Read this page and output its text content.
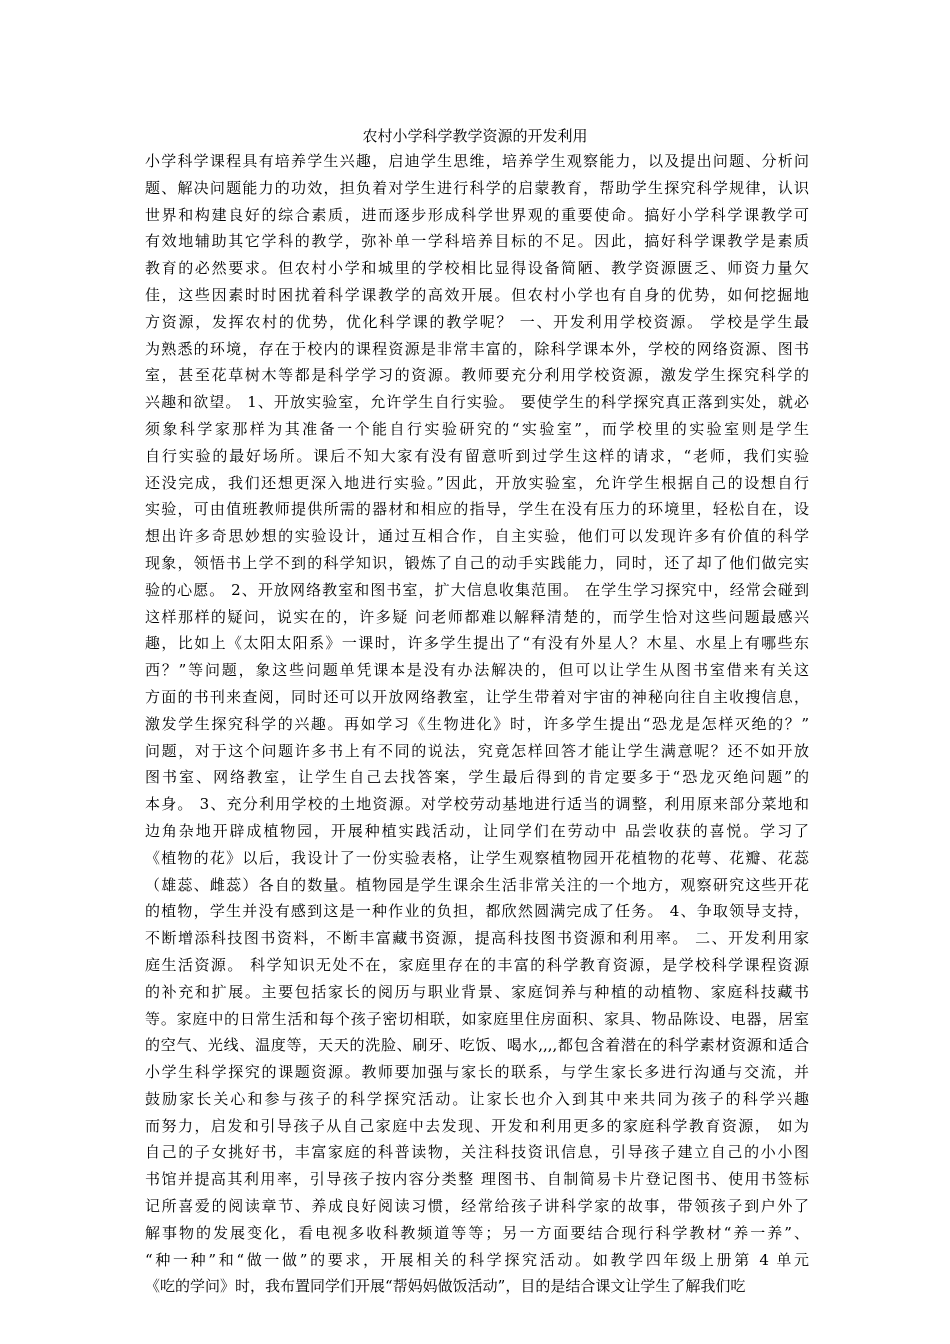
农村小学科学教学资源的开发利用
小学科学课程具有培养学生兴趣，启迪学生思维，培养学生观察能力，以及提出问题、分析问
题、解决问题能力的功效，担负着对学生进行科学的启蒙教育，帮助学生探究科学规律，认识
世界和构建良好的综合素质，进而逐步形成科学世界观的重要使命。搞好小学科学课教学可
有效地辅助其它学科的教学，弥补单一学科培养目标的不足。因此，搞好科学课教学是素质
教育的必然要求。但农村小学和城里的学校相比显得设备简陋、教学资源匮乏、师资力量欠
佳，这些因素时时困扰着科学课教学的高效开展。但农村小学也有自身的优势，如何挖掘地
方资源，发挥农村的优势，优化科学课的教学呢？ 一、开发利用学校资源。 学校是学生最
为熟悉的环境，存在于校内的课程资源是非常丰富的，除科学课本外，学校的网络资源、图书
室，甚至花草树木等都是科学学习的资源。教师要充分利用学校资源，激发学生探究科学的
兴趣和欲望。 1、开放实验室，允许学生自行实验。 要使学生的科学探究真正落到实处，就必
须象科学家那样为其准备一个能自行实验研究的“实验室”，而学校里的实验室则是学生
自行实验的最好场所。课后不知大家有没有留意听到过学生这样的请求，“老师，我们实验
还没完成，我们还想更深入地进行实验。”因此，开放实验室，允许学生根据自己的设想自行
实验，可由值班教师提供所需的器材和相应的指导，学生在没有压力的环境里，轻松自在，设
想出许多奇思妙想的实验设计，通过互相合作，自主实验，他们可以发现许多有价值的科学
现象，领悟书上学不到的科学知识，锻炼了自己的动手实践能力，同时，还了却了他们做完实
验的心愿。 2、开放网络教室和图书室，扩大信息收集范围。 在学生学习探究中，经常会碰到
这样那样的疑问，说实在的，许多疑 问老师都难以解释清楚的，而学生恰对这些问题最感兴
趣，比如上《太阳太阳系》一课时，许多学生提出了“有没有外星人？木星、水星上有哪些东
西？”等问题，象这些问题单凭课本是没有办法解决的，但可以让学生从图书室借来有关这
方面的书刊来查阅，同时还可以开放网络教室，让学生带着对宇宙的神秘向往自主收搜信息，
激发学生探究科学的兴趣。再如学习《生物进化》时，许多学生提出“恐龙是怎样灭绝的？”
问题，对于这个问题许多书上有不同的说法，究竟怎样回答才能让学生满意呢？还不如开放
图书室、网络教室，让学生自己去找答案，学生最后得到的肯定要多于“恐龙灭绝问题”的
本身。 3、充分利用学校的土地资源。对学校劳动基地进行适当的调整，利用原来部分菜地和
边角杂地开辟成植物园，开展种植实践活动，让同学们在劳动中 品尝收获的喜悦。学习了
《植物的花》以后，我设计了一份实验表格，让学生观察植物园开花植物的花萼、花瓣、花蕊
（雄蕊、雌蕊）各自的数量。植物园是学生课余生活非常关注的一个地方，观察研究这些开花
的植物，学生并没有感到这是一种作业的负担，都欣然圆满完成了任务。 4、争取领导支持，
不断增添科技图书资料，不断丰富藏书资源，提高科技图书资源和利用率。 二、开发利用家
庭生活资源。 科学知识无处不在，家庭里存在的丰富的科学教育资源，是学校科学课程资源
的补充和扩展。主要包括家长的阅历与职业背景、家庭饲养与种植的动植物、家庭科技藏书
等。家庭中的日常生活和每个孩子密切相联，如家庭里住房面积、家具、物品陈设、电器，居室
的空气、光线、温度等，天天的洗脸、刷牙、吃饭、喝水,,,,都包含着潜在的科学素材资源和适合
小学生科学探究的课题资源。教师要加强与家长的联系，与学生家长多进行沟通与交流，并
鼓励家长关心和参与孩子的科学探究活动。让家长也介入到其中来共同为孩子的科学兴趣
而努力，启发和引导孩子从自己家庭中去发现、开发和利用更多的家庭科学教育资源， 如为
自己的子女挑好书，丰富家庭的科普读物，关注科技资讯信息，引导孩子建立自己的小小图
书馆并提高其利用率，引导孩子按内容分类整 理图书、自制简易卡片登记图书、使用书签标
记所喜爱的阅读章节、养成良好阅读习惯，经常给孩子讲科学家的故事，带领孩子到户外了
解事物的发展变化，看电视多收科教频道等等；另一方面要结合现行科学教材“养一养”、
“种一种”和“做一做”的要求，开展相关的科学探究活动。如教学四年级上册第 4 单元
《吃的学问》时，我布置同学们开展“帮妈妈做饭活动”，目的是结合课文让学生了解我们吃
